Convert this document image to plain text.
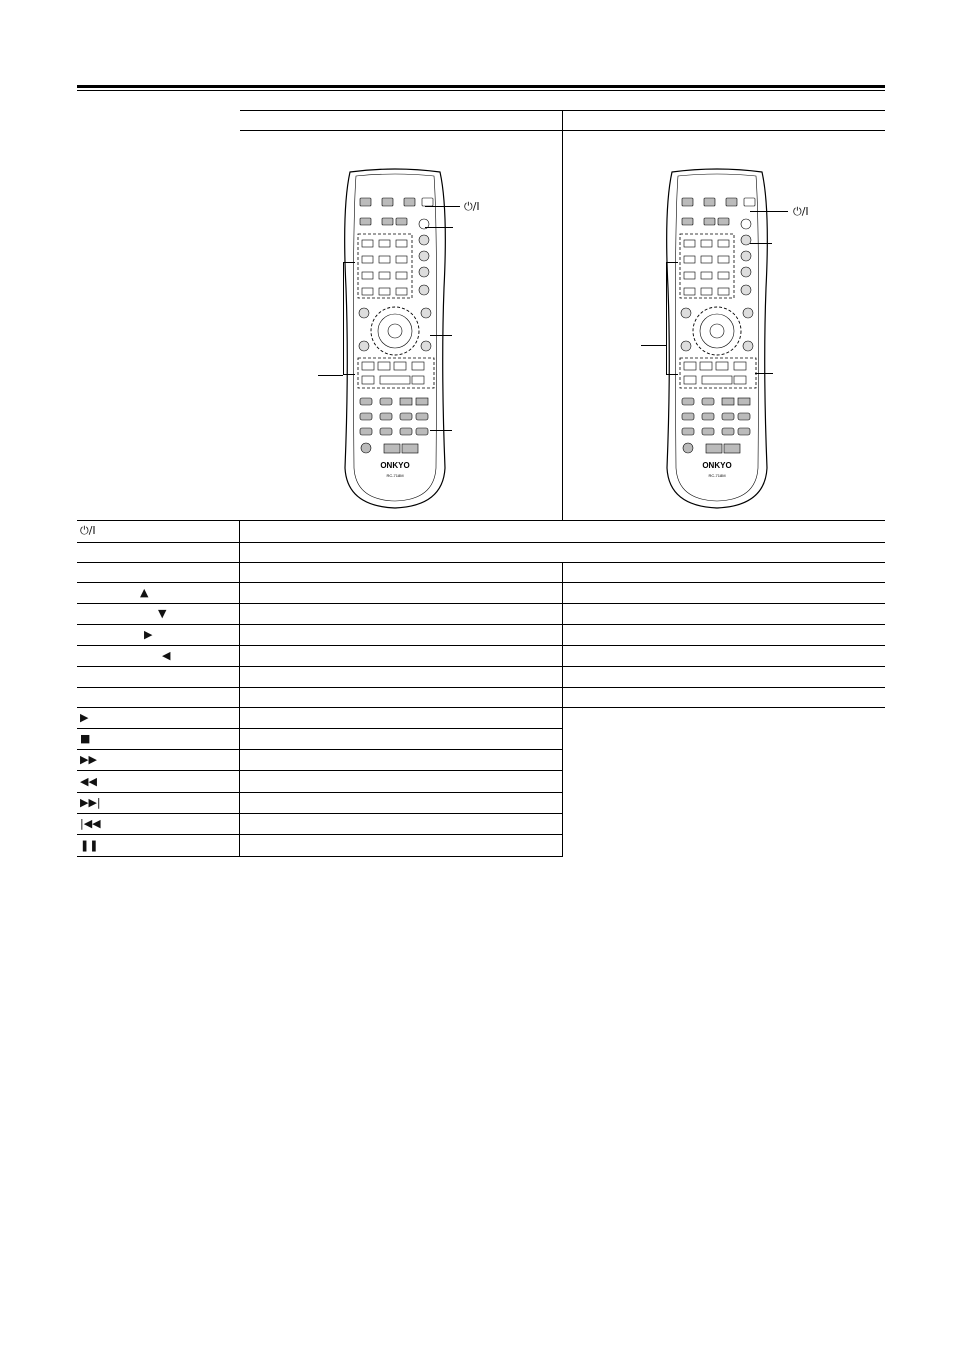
ONKYO
RC-718M
⏻/I
ONKYO
RC-718M
⏻/I
⏻/I
▲
▼
▶
◀
▶
■
▶▶
◀◀
▶▶|
|◀◀
❚❚
